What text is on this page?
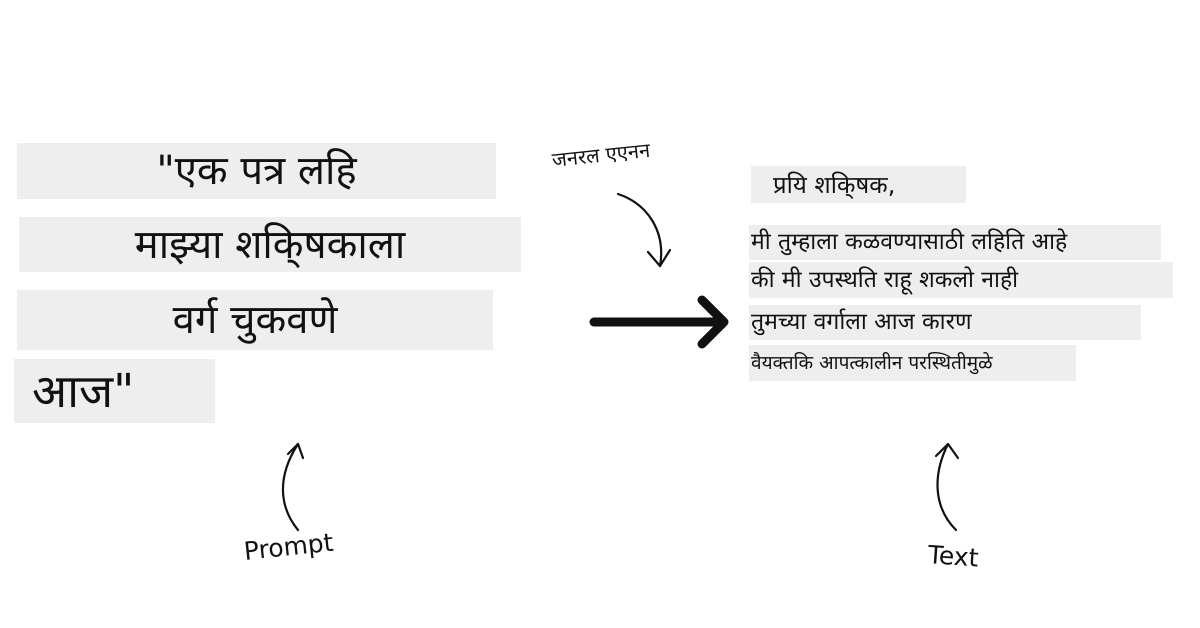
"एक पत्र लहि
माझ्या शकि्षकाला
वर्ग चुकवणे
आज"
Prompt
जनरल एएनन
प्रयि शकि्षक,
मी तुम्हाला कळवण्यासाठी लहिति आहे
की मी उपस्थति राहू शकलो नाही
तुमच्या वर्गाला आज कारण
वैयक्तकि आपत्कालीन परस्थितीमुळे
Text
